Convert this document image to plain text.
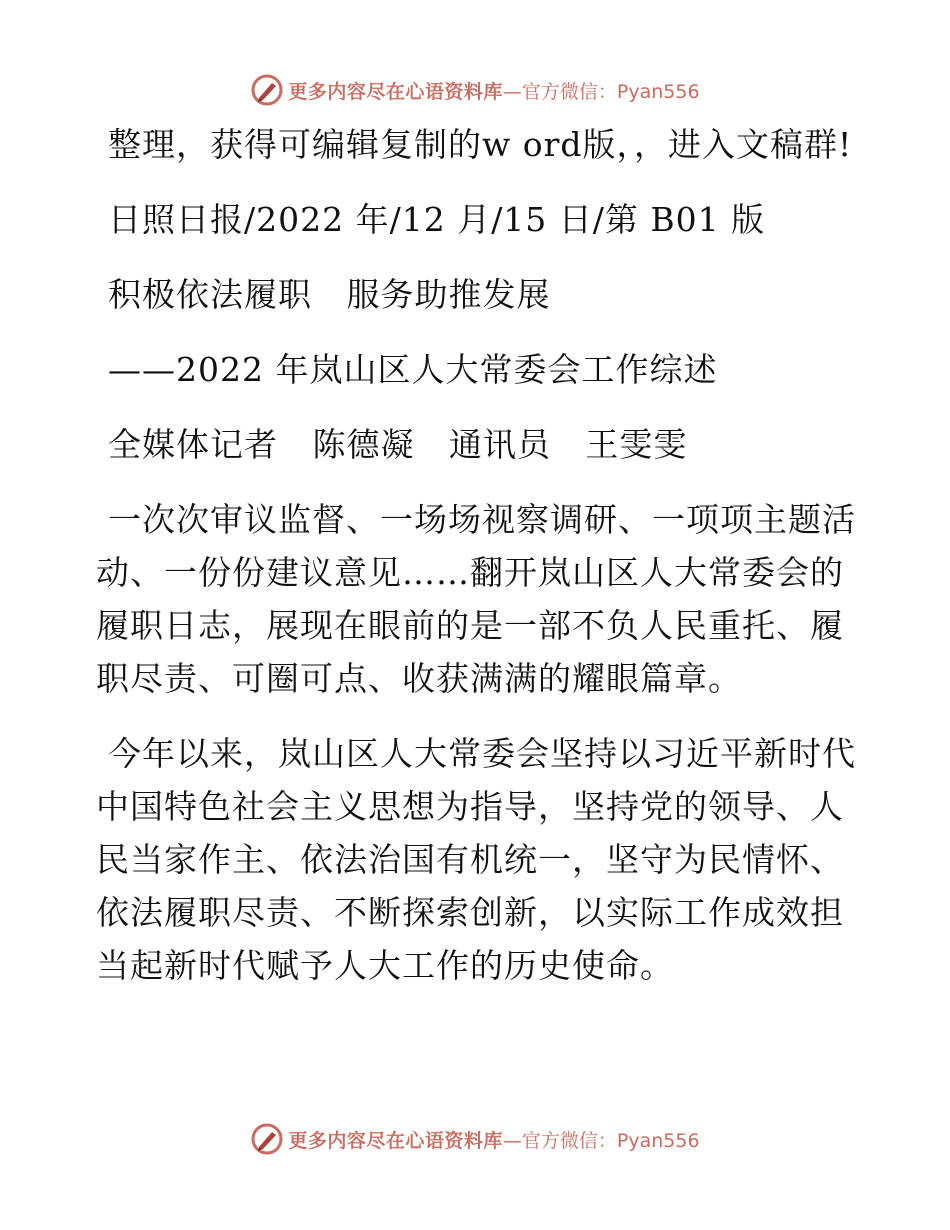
更多内容尽在心语资料库 —官方微信：Pyan556

整理，获得可编辑复制的w ord版，，进入文稿群!

日照日报/2022 年/12 月/15 日/第 B01 版

积极依法履职   服务助推发展

——2022 年岚山区人大常委会工作综述

全媒体记者   陈德凝   通讯员   王雯雯

一次次审议监督、一场场视察调研、一项项主题活动、一份份建议意见……翻开岚山区人大常委会的履职日志，展现在眼前的是一部不负人民重托、履职尽责、可圈可点、收获满满的耀眼篇章。

今年以来，岚山区人大常委会坚持以习近平新时代中国特色社会主义思想为指导，坚持党的领导、人民当家作主、依法治国有机统一，坚守为民情怀、依法履职尽责、不断探索创新，以实际工作成效担当起新时代赋予人大工作的历史使命。

更多内容尽在心语资料库 —官方微信：Pyan556
